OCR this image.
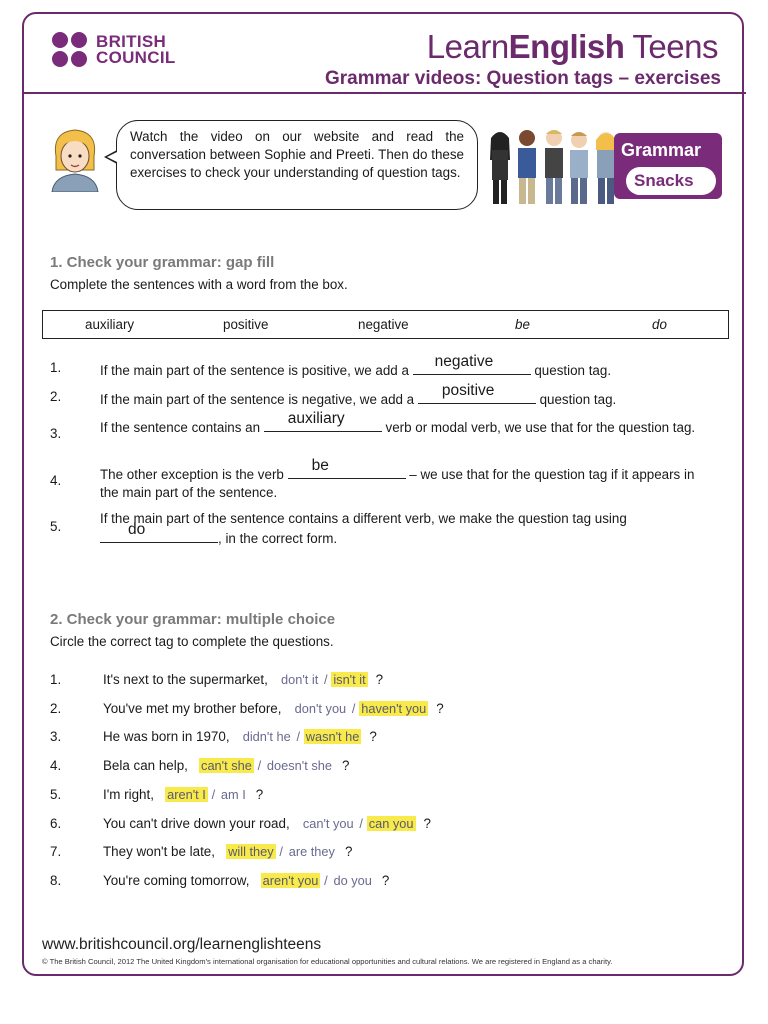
BRITISH
COUNCIL	LearnEnglish Teens
Grammar videos: Question tags – exercises
Watch the video on our website and read the conversation between Sophie and Preeti. Then do these exercises to check your understanding of question tags.
Grammar
Snacks
1. Check your grammar: gap fill
Complete the sentences with a word from the box.
auxiliary	positive	negative	be	do
1.	If the main part of the sentence is positive, we add a
negative
question tag.
2.	If the main part of the sentence is negative, we add a
positive
question tag.
3.	If the sentence contains an
auxiliary
verb or modal verb, we use that for the question tag.
4.	The other exception is the verb
be
– we use that for the question tag if it appears in the main part of the sentence.
5.
If the main part of the sentence contains a different verb, we make the question tag using
do
, in the correct form.
2. Check your grammar: multiple choice
Circle the correct tag to complete the questions.
1.	It's next to the supermarket, don't it / isn't it ?
2.	You've met my brother before, don't you / haven't you ?
3.	He was born in 1970, didn't he / wasn't he ?
4.	Bela can help, can't she / doesn't she ?
5.	I'm right, aren't I / am I ?
6.	You can't drive down your road, can't you / can you ?
7.	They won't be late, will they / are they ?
8.	You're coming tomorrow, aren't you / do you ?
www.britishcouncil.org/learnenglishteens
© The British Council, 2012 The United Kingdom's international organisation for educational opportunities and cultural relations. We are registered in England as a charity.
